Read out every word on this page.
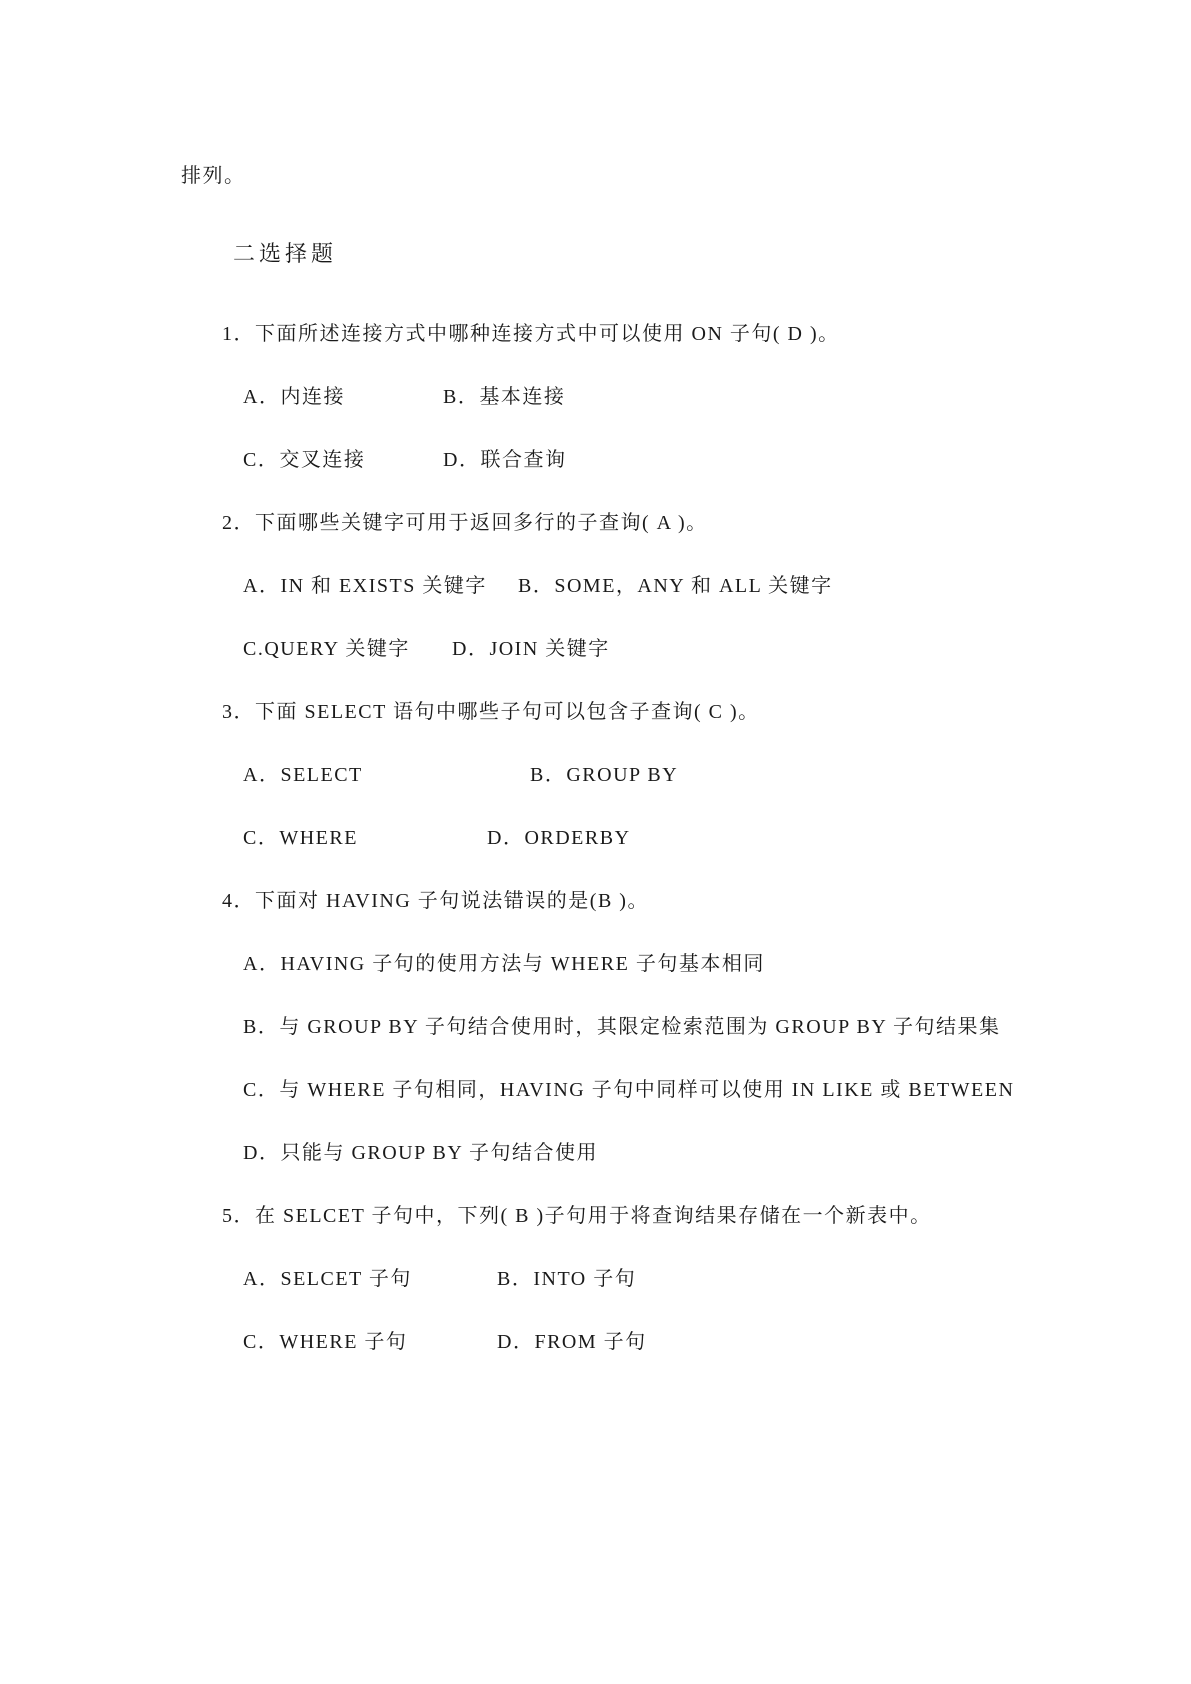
排列。
二选择题
1．下面所述连接方式中哪种连接方式中可以使用 ON 子句( D )。
A．内连接	B．基本连接
C．交叉连接	D．联合查询
2．下面哪些关键字可用于返回多行的子查询( A )。
A．IN 和 EXISTS 关键字 B．SOME，ANY 和 ALL 关键字
C.QUERY 关键字 D．JOIN 关键字
3．下面 SELECT 语句中哪些子句可以包含子查询( C )。
A．SELECT	B．GROUP BY
C．WHERE	D．ORDERBY
4．下面对 HAVING 子句说法错误的是(B )。
A．HAVING 子句的使用方法与 WHERE 子句基本相同
B．与 GROUP BY 子句结合使用时，其限定检索范围为 GROUP BY 子句结果集
C．与 WHERE 子句相同，HAVING 子句中同样可以使用 IN LIKE 或 BETWEEN
D．只能与 GROUP BY 子句结合使用
5．在 SELCET 子句中，下列( B )子句用于将查询结果存储在一个新表中。
A．SELCET 子句	B．INTO 子句
C．WHERE 子句	D．FROM 子句
